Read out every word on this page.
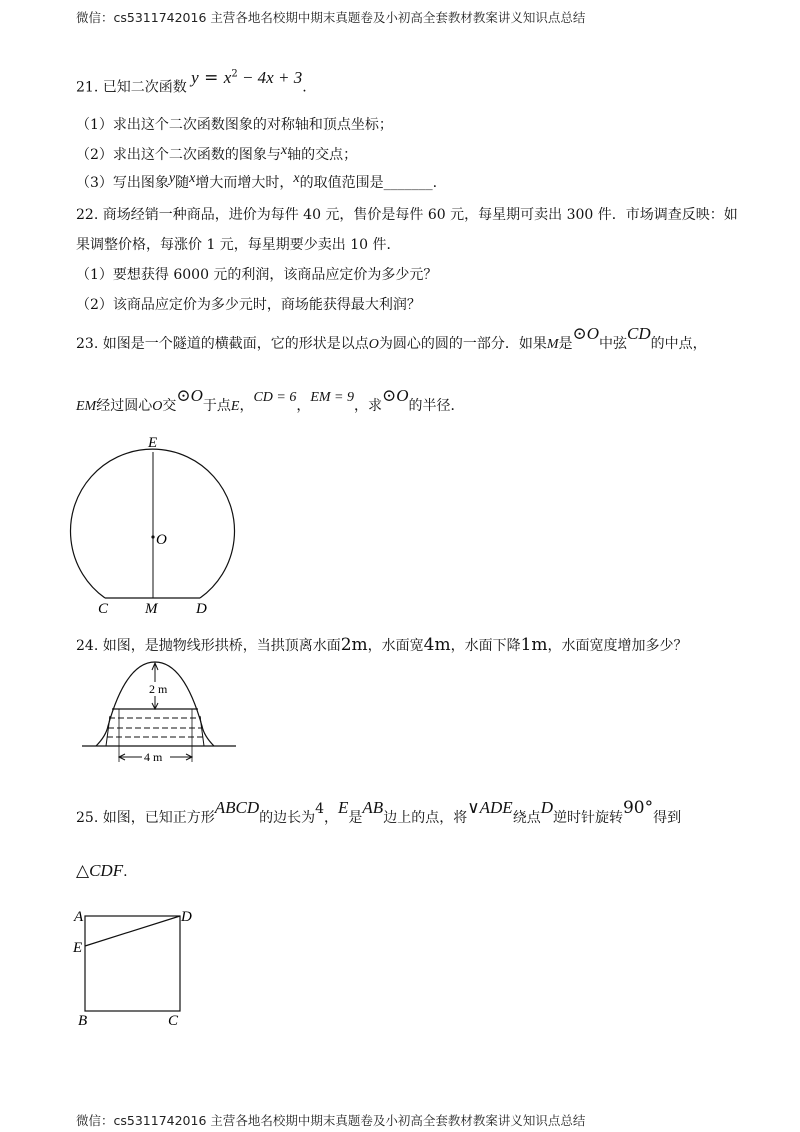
微信：cs5311742016 主营各地名校期中期末真题卷及小初高全套教材教案讲义知识点总结
21. 已知二次函数 $y = x^2 - 4x + 3$.
（1）求出这个二次函数图象的对称轴和顶点坐标；
（2）求出这个二次函数的图象与x轴的交点；
（3）写出图象y随x增大而增大时，x的取值范围是_______.
22. 商场经销一种商品，进价为每件 40 元，售价是每件 60 元，每星期可卖出 300 件．市场调查反映：如
果调整价格，每涨价 1 元，每星期要少卖出 10 件．
（1）要想获得 6000 元的利润，该商品应定价为多少元？
（2）该商品应定价为多少元时，商场能获得最大利润？
23. 如图是一个隧道的横截面，它的形状是以点O为圆心的圆的一部分．如果M是⊙O中弦CD的中点，
EM经过圆心O交⊙O于点E，CD = 6，EM = 9，求⊙O的半径．
E
O
C M	D
24. 如图，是抛物线形拱桥，当拱顶离水面2m，水面宽4m，水面下降1m，水面宽度增加多少？
2 m
4 m
25. 如图，已知正方形ABCD的边长为4，E是AB边上的点，将∨ADE绕点D逆时针旋转90°得到
△CDF.
A	D
E
B	C
微信：cs5311742016 主营各地名校期中期末真题卷及小初高全套教材教案讲义知识点总结
